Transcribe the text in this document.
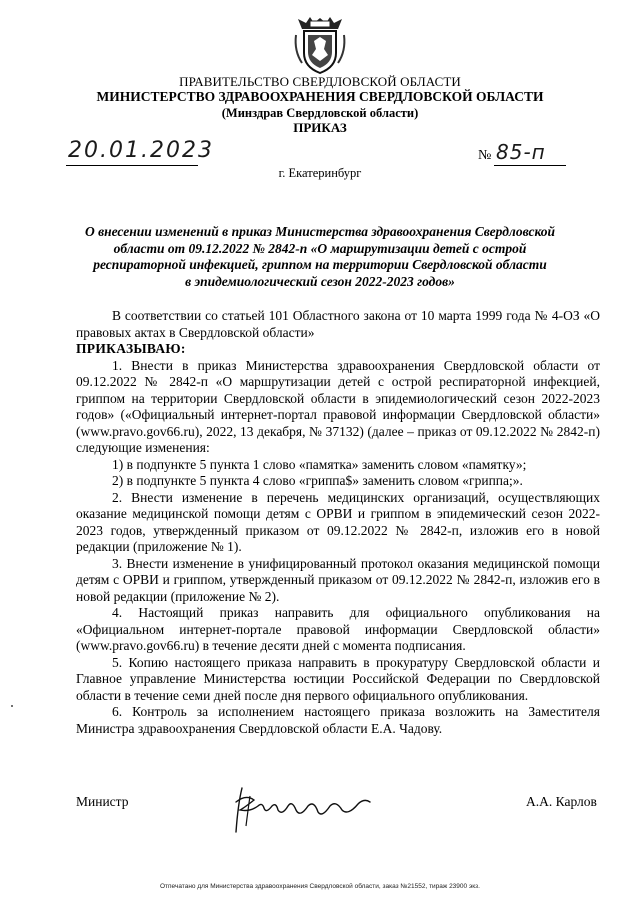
ПРАВИТЕЛЬСТВО СВЕРДЛОВСКОЙ ОБЛАСТИ

МИНИСТЕРСТВО ЗДРАВООХРАНЕНИЯ СВЕРДЛОВСКОЙ ОБЛАСТИ

(Минздрав Свердловской области)

ПРИКАЗ

20.01.2023	№ 85-п
г. Екатеринбург

О внесении изменений в приказ Министерства здравоохранения Свердловской

области от 09.12.2022 № 2842-п «О маршрутизации детей с острой

респираторной инфекцией, гриппом на территории Свердловской области

в эпидемиологический сезон 2022-2023 годов»

В соответствии со статьей 101 Областного закона от 10 марта 1999 года № 4-ОЗ «О правовых актах в Свердловской области»

ПРИКАЗЫВАЮ:

1. Внести в приказ Министерства здравоохранения Свердловской области от 09.12.2022 № 2842-п «О маршрутизации детей с острой респираторной инфекцией, гриппом на территории Свердловской области в эпидемиологический сезон 2022-2023 годов» («Официальный интернет-портал правовой информации Свердловской области» (www.pravo.gov66.ru), 2022, 13 декабря, № 37132) (далее – приказ от 09.12.2022 № 2842-п) следующие изменения:

1) в подпункте 5 пункта 1 слово «памятка» заменить словом «памятку»;

2) в подпункте 5 пункта 4 слово «гриппа$» заменить словом «гриппа;».

2. Внести изменение в перечень медицинских организаций, осуществляющих оказание медицинской помощи детям с ОРВИ и гриппом в эпидемический сезон 2022-2023 годов, утвержденный приказом от 09.12.2022 № 2842-п, изложив его в новой редакции (приложение № 1).

3. Внести изменение в унифицированный протокол оказания медицинской помощи детям с ОРВИ и гриппом, утвержденный приказом от 09.12.2022 № 2842-п, изложив его в новой редакции (приложение № 2).

4. Настоящий приказ направить для официального опубликования на «Официальном интернет-портале правовой информации Свердловской области» (www.pravo.gov66.ru) в течение десяти дней с момента подписания.

5. Копию настоящего приказа направить в прокуратуру Свердловской области и Главное управление Министерства юстиции Российской Федерации по Свердловской области в течение семи дней после дня первого официального опубликования.

6. Контроль за исполнением настоящего приказа возложить на Заместителя Министра здравоохранения Свердловской области Е.А. Чадову.

Министр	А.А. Карлов
Отпечатано для Министерства здравоохранения Свердловской области, заказ №21552, тираж 23900 экз.
